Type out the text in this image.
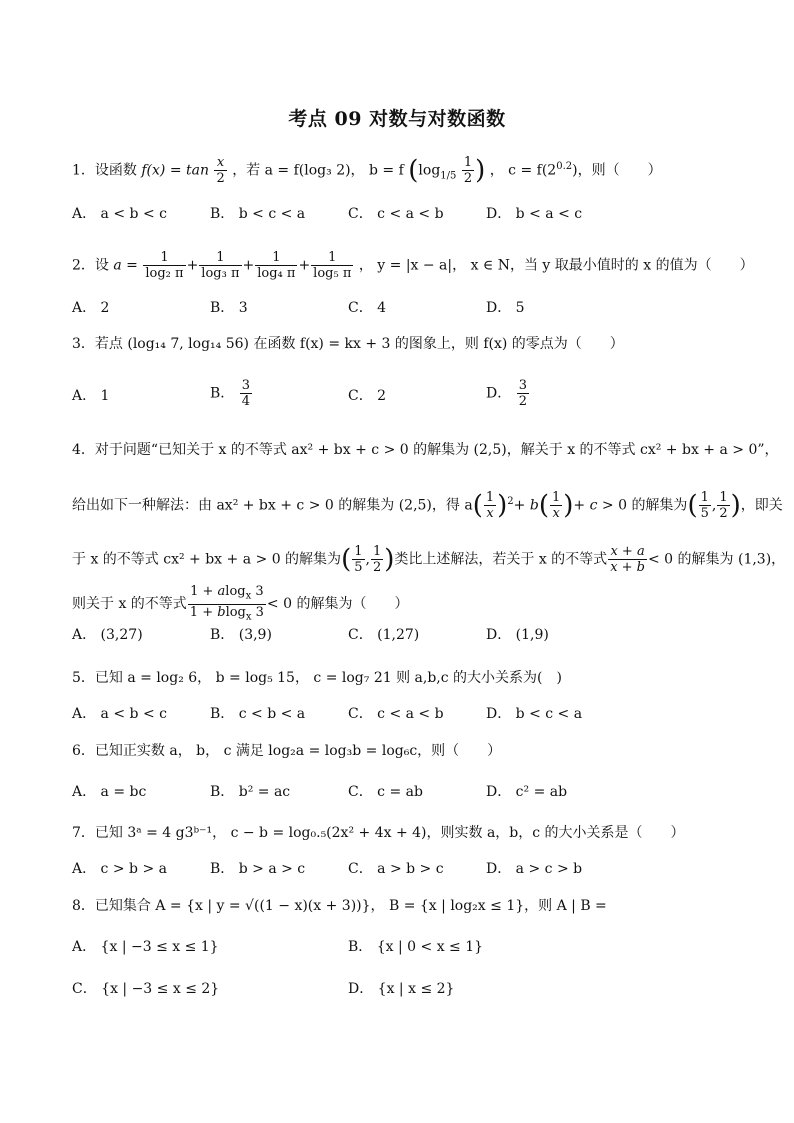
考点 09 对数与对数函数
1．设函数 $f(x) = \tan \frac{x}{2}$ ，若 a = f(log₃ 2)， b = f ($\log_{1/5} \frac{1}{2}$ ) ， $c = f(2^{0.2})$，则（　　）
A． a < b < c	B． b < c < a	C． c < a < b	D． b < a < c
2．设 $a = \frac{1}{\text{log₂ π}} + \frac{1}{\text{log₃ π}} + \frac{1}{\text{log₄ π}} + \frac{1}{\text{log₅ π}}$ ， y = |x − a|， x ∈ N，当 y 取最小值时的 x 的值为（　　）
A． 2	B． 3	C． 4	D． 5
3．若点 (log₁₄ 7, log₁₄ 56) 在函数 f(x) = kx + 3 的图象上，则 f(x) 的零点为（　　）
A． 1	B． $\frac{3}{4}$	C． 2	D． $\frac{3}{2}$
4．对于问题“已知关于 x 的不等式 ax² + bx + c > 0 的解集为 (2,5)，解关于 x 的不等式 cx² + bx + a > 0”，
给出如下一种解法：由 ax² + bx + c > 0 的解集为 (2,5)，得 $a( \frac{1}{x} )^2+ b( \frac{1}{x}$ )+ c > 0 的解集为( $\frac{1}{5}$ , $\frac{1}{2}$ )，即关
于 x 的不等式 cx² + bx + a > 0 的解集为( $\frac{1}{5}$ , $\frac{1}{2}$ )类比上述解法，若关于 x 的不等式 $\frac{x + a}{x + b} < 0$ 的解集为 (1,3)，
则关于 x 的不等式 $\frac{1 + alog_x 3}{1 + blog_x 3} < 0$ 的解集为（　　）
A． (3,27)	B． (3,9)	C． (1,27)	D． (1,9)
5．已知 a = log₂ 6， b = log₅ 15， c = log₇ 21 则 a,b,c 的大小关系为(　)
A． a < b < c	B． c < b < a	C． c < a < b	D． b < c < a
6．已知正实数 a， b， c 满足 log₂a = log₃b = log₆c，则（　　）
A． a = bc	B． b² = ac	C． c = ab	D． c² = ab
7．已知 3ᵃ = 4 g3ᵇ⁻¹， c − b = log₀.₅(2x² + 4x + 4)，则实数 a，b，c 的大小关系是（　　）
A． c > b > a	B． b > a > c	C． a > b > c	D． a > c > b
8．已知集合 A = {x | y = √((1 − x)(x + 3))}， B = {x | log₂x ≤ 1}，则 A | B =
A． {x | −3 ≤ x ≤ 1}	B． {x | 0 < x ≤ 1}
C． {x | −3 ≤ x ≤ 2}	D． {x | x ≤ 2}
